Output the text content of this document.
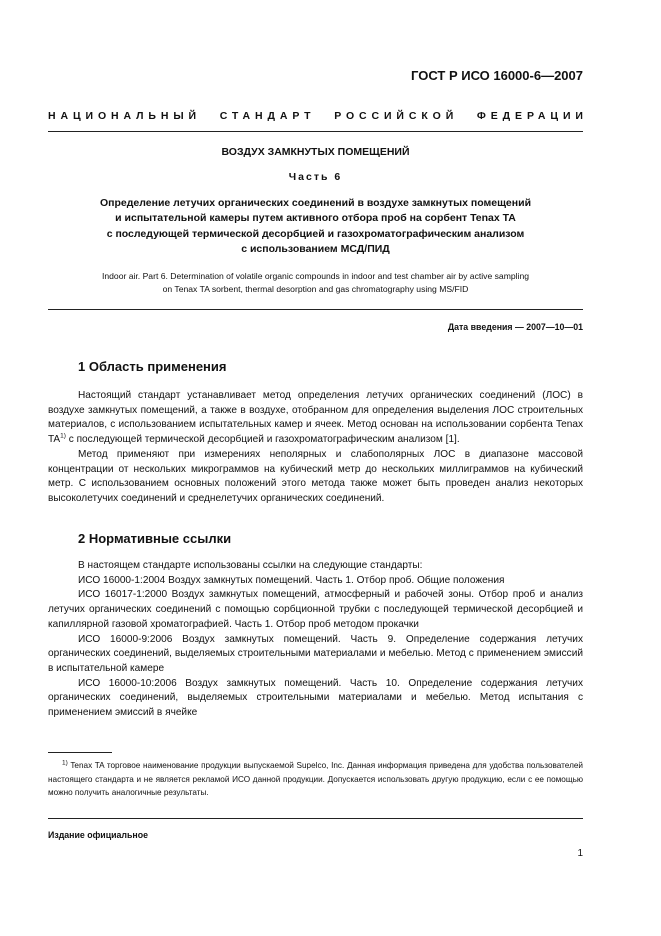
ГОСТ Р ИСО 16000-6—2007
НАЦИОНАЛЬНЫЙ СТАНДАРТ РОССИЙСКОЙ ФЕДЕРАЦИИ
ВОЗДУХ ЗАМКНУТЫХ ПОМЕЩЕНИЙ
Часть 6
Определение летучих органических соединений в воздухе замкнутых помещений
и испытательной камеры путем активного отбора проб на сорбент Tenax TA
с последующей термической десорбцией и газохроматографическим анализом
с использованием МСД/ПИД
Indoor air. Part 6. Determination of volatile organic compounds in indoor and test chamber air by active sampling
on Tenax TA sorbent, thermal desorption and gas chromatography using MS/FID
Дата введения — 2007—10—01
1 Область применения

Настоящий стандарт устанавливает метод определения летучих органических соединений (ЛОС) в воздухе замкнутых помещений, а также в воздухе, отобранном для определения выделения ЛОС строительных материалов, с использованием испытательных камер и ячеек. Метод основан на использовании сорбента Tenax TA$^{1)}$ с последующей термической десорбцией и газохроматографическим анализом [1].

Метод применяют при измерениях неполярных и слабополярных ЛОС в диапазоне массовой концентрации от нескольких микрограммов на кубический метр до нескольких миллиграммов на кубический метр. С использованием основных положений этого метода также может быть проведен анализ некоторых высоколетучих соединений и среднелетучих органических соединений.

2 Нормативные ссылки

В настоящем стандарте использованы ссылки на следующие стандарты:

ИСО 16000-1:2004 Воздух замкнутых помещений. Часть 1. Отбор проб. Общие положения

ИСО 16017-1:2000 Воздух замкнутых помещений, атмосферный и рабочей зоны. Отбор проб и анализ летучих органических соединений с помощью сорбционной трубки с последующей термической десорбцией и капиллярной газовой хроматографией. Часть 1. Отбор проб методом прокачки

ИСО 16000-9:2006 Воздух замкнутых помещений. Часть 9. Определение содержания летучих органических соединений, выделяемых строительными материалами и мебелью. Метод с применением эмиссий в испытательной камере

ИСО 16000-10:2006 Воздух замкнутых помещений. Часть 10. Определение содержания летучих органических соединений, выделяемых строительными материалами и мебелью. Метод испытания с применением эмиссий в ячейке

$^{1)}$ Tenax TA торговое наименование продукции выпускаемой Supelco, Inc. Данная информация приведена для удобства пользователей настоящего стандарта и не является рекламой ИСО данной продукции. Допускается использовать другую продукцию, если с ее помощью можно получить аналогичные результаты.

Издание официальное
1
